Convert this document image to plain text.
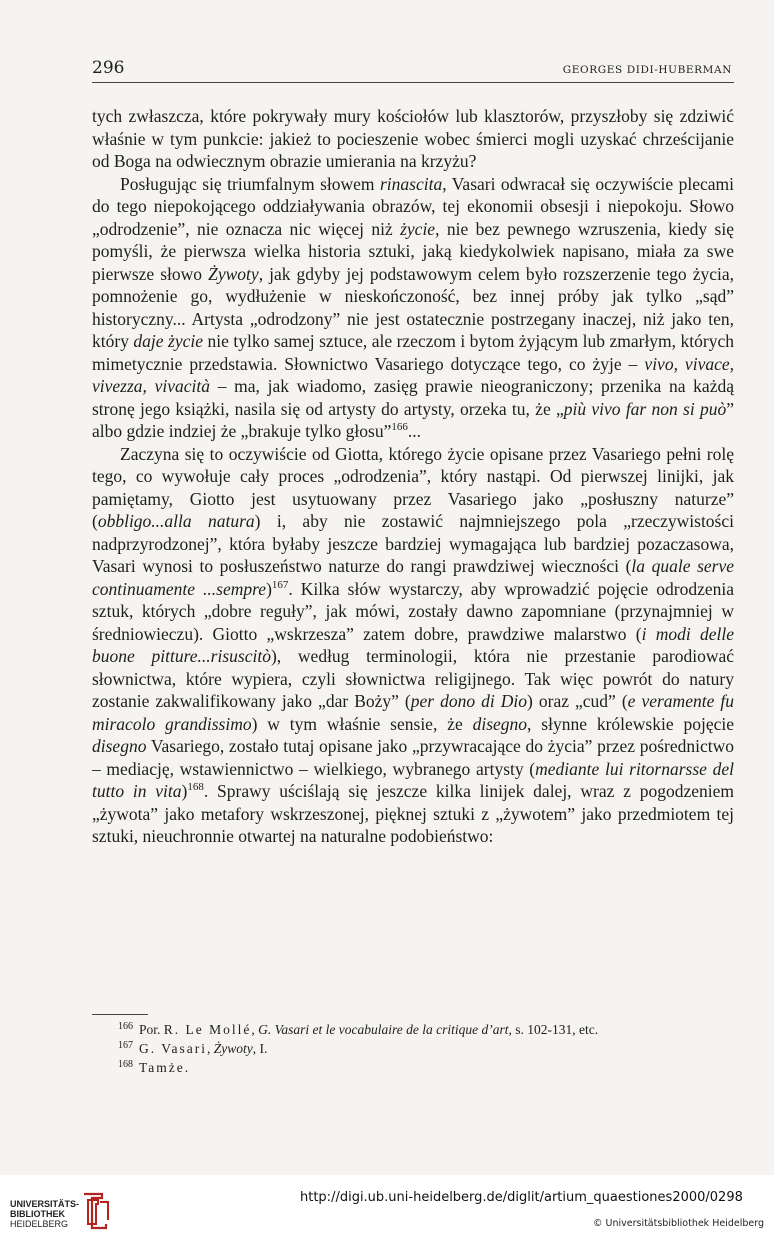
296	GEORGES DIDI-HUBERMAN

tych zwłaszcza, które pokrywały mury kościołów lub klasztorów, przyszłoby się zdziwić właśnie w tym punkcie: jakież to pocieszenie wobec śmierci mogli uzyskać chrześcijanie od Boga na odwiecznym obrazie umierania na krzyżu?

Posługując się triumfalnym słowem rinascita, Vasari odwracał się oczywiście plecami do tego niepokojącego oddziaływania obrazów, tej ekonomii obsesji i niepokoju. Słowo „odrodzenie”, nie oznacza nic więcej niż życie, nie bez pewnego wzruszenia, kiedy się pomyśli, że pierwsza wielka historia sztuki, jaką kiedykolwiek napisano, miała za swe pierwsze słowo Żywoty, jak gdyby jej podstawowym celem było rozszerzenie tego życia, pomnożenie go, wydłużenie w nieskończoność, bez innej próby jak tylko „sąd” historyczny... Artysta „odrodzony” nie jest ostatecznie postrzegany inaczej, niż jako ten, który daje życie nie tylko samej sztuce, ale rzeczom i bytom żyjącym lub zmarłym, których mimetycznie przedstawia. Słownictwo Vasariego dotyczące tego, co żyje – vivo, vivace, vivezza, vivacità – ma, jak wiadomo, zasięg prawie nieograniczony; przenika na każdą stronę jego książki, nasila się od artysty do artysty, orzeka tu, że „più vivo far non si può” albo gdzie indziej że „brakuje tylko głosu”$^{166}$...

Zaczyna się to oczywiście od Giotta, którego życie opisane przez Vasariego pełni rolę tego, co wywołuje cały proces „odrodzenia”, który nastąpi. Od pierwszej linijki, jak pamiętamy, Giotto jest usytuowany przez Vasariego jako „posłuszny naturze” (obbligo...alla natura) i, aby nie zostawić najmniejszego pola „rzeczywistości nadprzyrodzonej”, która byłaby jeszcze bardziej wymagająca lub bardziej pozaczasowa, Vasari wynosi to posłuszeństwo naturze do rangi prawdziwej wieczności (la quale serve continuamente ...sempre)$^{167}$. Kilka słów wystarczy, aby wprowadzić pojęcie odrodzenia sztuk, których „dobre reguły”, jak mówi, zostały dawno zapomniane (przynajmniej w średniowieczu). Giotto „wskrzesza” zatem dobre, prawdziwe malarstwo (i modi delle buone pitture...risuscitò), według terminologii, która nie przestanie parodiować słownictwa, które wypiera, czyli słownictwa religijnego. Tak więc powrót do natury zostanie zakwalifikowany jako „dar Boży” (per dono di Dio) oraz „cud” (e veramente fu miracolo grandissimo) w tym właśnie sensie, że disegno, słynne królewskie pojęcie disegno Vasariego, zostało tutaj opisane jako „przywracające do życia” przez pośrednictwo – mediację, wstawiennictwo – wielkiego, wybranego artysty (mediante lui ritornarsse del tutto in vita)$^{168}$. Sprawy uściślają się jeszcze kilka linijek dalej, wraz z pogodzeniem „żywota” jako metafory wskrzeszonej, pięknej sztuki z „żywotem” jako przedmiotem tej sztuki, nieuchronnie otwartej na naturalne podobieństwo:

$^{166}$ Por. R. Le Mollé, G. Vasari et le vocabulaire de la critique d’art, s. 102-131, etc.

$^{167}$ G. Vasari, Żywoty, I.

$^{168}$ Tamże.

UNIVERSITÄTS-
BIBLIOTHEK
HEIDELBERG
http://digi.ub.uni-heidelberg.de/diglit/artium_quaestiones2000/0298
© Universitätsbibliothek Heidelberg
